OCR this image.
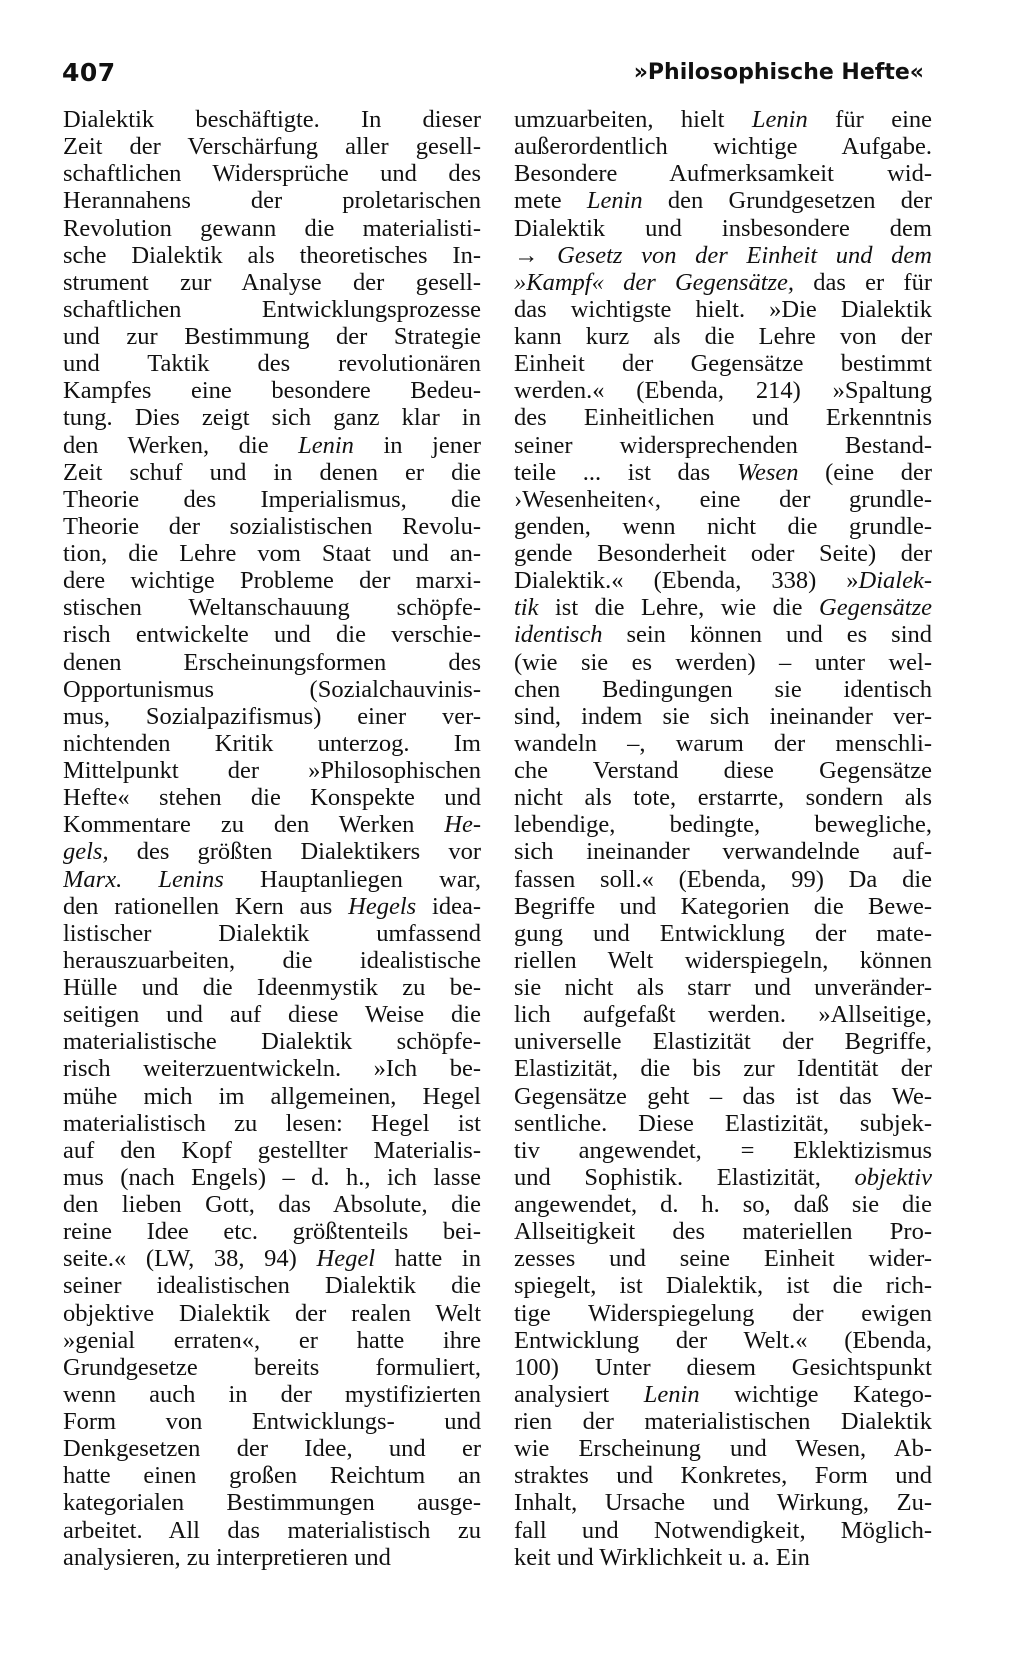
407	»Philosophische Hefte«
Dialektik beschäftigte. In dieser
Zeit der Verschärfung aller gesell-
schaftlichen Widersprüche und des
Herannahens der proletarischen
Revolution gewann die materialisti-
sche Dialektik als theoretisches In-
strument zur Analyse der gesell-
schaftlichen Entwicklungsprozesse
und zur Bestimmung der Strategie
und Taktik des revolutionären
Kampfes eine besondere Bedeu-
tung. Dies zeigt sich ganz klar in
den Werken, die Lenin in jener
Zeit schuf und in denen er die
Theorie des Imperialismus, die
Theorie der sozialistischen Revolu-
tion, die Lehre vom Staat und an-
dere wichtige Probleme der marxi-
stischen Weltanschauung schöpfe-
risch entwickelte und die verschie-
denen Erscheinungsformen des
Opportunismus (Sozialchauvinis-
mus, Sozialpazifismus) einer ver-
nichtenden Kritik unterzog. Im
Mittelpunkt der »Philosophischen
Hefte« stehen die Konspekte und
Kommentare zu den Werken He-
gels, des größten Dialektikers vor
Marx. Lenins Hauptanliegen war,
den rationellen Kern aus Hegels idea-
listischer Dialektik umfassend
herauszuarbeiten, die idealistische
Hülle und die Ideenmystik zu be-
seitigen und auf diese Weise die
materialistische Dialektik schöpfe-
risch weiterzuentwickeln. »Ich be-
mühe mich im allgemeinen, Hegel
materialistisch zu lesen: Hegel ist
auf den Kopf gestellter Materialis-
mus (nach Engels) – d. h., ich lasse
den lieben Gott, das Absolute, die
reine Idee etc. größtenteils bei-
seite.« (LW, 38, 94) Hegel hatte in
seiner idealistischen Dialektik die
objektive Dialektik der realen Welt
»genial erraten«, er hatte ihre
Grundgesetze bereits formuliert,
wenn auch in der mystifizierten
Form von Entwicklungs- und
Denkgesetzen der Idee, und er
hatte einen großen Reichtum an
kategorialen Bestimmungen ausge-
arbeitet. All das materialistisch zu
analysieren, zu interpretieren und
umzuarbeiten, hielt Lenin für eine
außerordentlich wichtige Aufgabe.
Besondere Aufmerksamkeit wid-
mete Lenin den Grundgesetzen der
Dialektik und insbesondere dem
→ Gesetz von der Einheit und dem
»Kampf« der Gegensätze, das er für
das wichtigste hielt. »Die Dialektik
kann kurz als die Lehre von der
Einheit der Gegensätze bestimmt
werden.« (Ebenda, 214) »Spaltung
des Einheitlichen und Erkenntnis
seiner widersprechenden Bestand-
teile ... ist das Wesen (eine der
›Wesenheiten‹, eine der grundle-
genden, wenn nicht die grundle-
gende Besonderheit oder Seite) der
Dialektik.« (Ebenda, 338) »Dialek-
tik ist die Lehre, wie die Gegensätze
identisch sein können und es sind
(wie sie es werden) – unter wel-
chen Bedingungen sie identisch
sind, indem sie sich ineinander ver-
wandeln –, warum der menschli-
che Verstand diese Gegensätze
nicht als tote, erstarrte, sondern als
lebendige, bedingte, bewegliche,
sich ineinander verwandelnde auf-
fassen soll.« (Ebenda, 99) Da die
Begriffe und Kategorien die Bewe-
gung und Entwicklung der mate-
riellen Welt widerspiegeln, können
sie nicht als starr und unveränder-
lich aufgefaßt werden. »Allseitige,
universelle Elastizität der Begriffe,
Elastizität, die bis zur Identität der
Gegensätze geht – das ist das We-
sentliche. Diese Elastizität, subjek-
tiv angewendet, = Eklektizismus
und Sophistik. Elastizität, objektiv
angewendet, d. h. so, daß sie die
Allseitigkeit des materiellen Pro-
zesses und seine Einheit wider-
spiegelt, ist Dialektik, ist die rich-
tige Widerspiegelung der ewigen
Entwicklung der Welt.« (Ebenda,
100) Unter diesem Gesichtspunkt
analysiert Lenin wichtige Katego-
rien der materialistischen Dialektik
wie Erscheinung und Wesen, Ab-
straktes und Konkretes, Form und
Inhalt, Ursache und Wirkung, Zu-
fall und Notwendigkeit, Möglich-
keit und Wirklichkeit u. a. Ein
